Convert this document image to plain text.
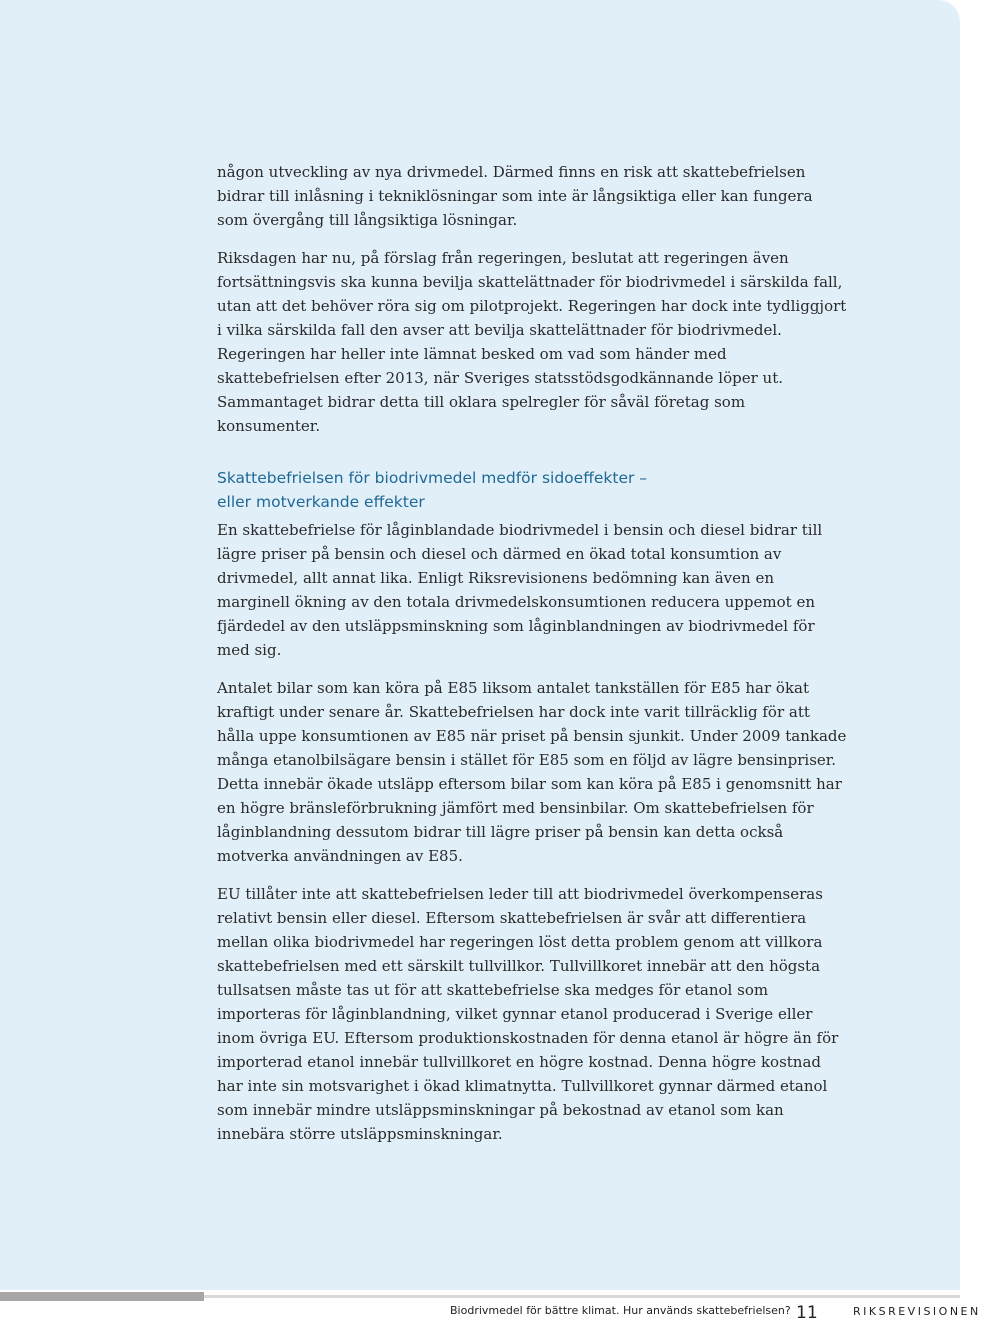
någon utveckling av nya drivmedel. Därmed finns en risk att skattebefrielsen bidrar till inlåsning i tekniklösningar som inte är långsiktiga eller kan fungera som övergång till långsiktiga lösningar.

Riksdagen har nu, på förslag från regeringen, beslutat att regeringen även fortsättningsvis ska kunna bevilja skattelättnader för biodrivmedel i särskilda fall, utan att det behöver röra sig om pilotprojekt. Regeringen har dock inte tydliggjort i vilka särskilda fall den avser att bevilja skattelättnader för biodrivmedel. Regeringen har heller inte lämnat besked om vad som händer med skattebefrielsen efter 2013, när Sveriges statsstödsgodkännande löper ut. Sammantaget bidrar detta till oklara spelregler för såväl företag som konsumenter.

Skattebefrielsen för biodrivmedel medför sidoeffekter –
eller motverkande effekter

En skattebefrielse för låginblandade biodrivmedel i bensin och diesel bidrar till lägre priser på bensin och diesel och därmed en ökad total konsumtion av drivmedel, allt annat lika. Enligt Riksrevisionens bedömning kan även en marginell ökning av den totala drivmedelskonsumtionen reducera uppemot en fjärdedel av den utsläppsminskning som låginblandningen av biodrivmedel för med sig.

Antalet bilar som kan köra på E85 liksom antalet tankställen för E85 har ökat kraftigt under senare år. Skattebefrielsen har dock inte varit tillräcklig för att hålla uppe konsumtionen av E85 när priset på bensin sjunkit. Under 2009 tankade många etanolbilsägare bensin i stället för E85 som en följd av lägre bensinpriser. Detta innebär ökade utsläpp eftersom bilar som kan köra på E85 i genomsnitt har en högre bränsleförbrukning jämfört med bensinbilar. Om skattebefrielsen för låginblandning dessutom bidrar till lägre priser på bensin kan detta också motverka användningen av E85.

EU tillåter inte att skattebefrielsen leder till att biodrivmedel överkompenseras relativt bensin eller diesel. Eftersom skattebefrielsen är svår att differentiera mellan olika biodrivmedel har regeringen löst detta problem genom att villkora skattebefrielsen med ett särskilt tullvillkor. Tullvillkoret innebär att den högsta tullsatsen måste tas ut för att skattebefrielse ska medges för etanol som importeras för låginblandning, vilket gynnar etanol producerad i Sverige eller inom övriga EU. Eftersom produktionskostnaden för denna etanol är högre än för importerad etanol innebär tullvillkoret en högre kostnad. Denna högre kostnad har inte sin motsvarighet i ökad klimatnytta. Tullvillkoret gynnar därmed etanol som innebär mindre utsläppsminskningar på bekostnad av etanol som kan innebära större utsläppsminskningar.

Biodrivmedel för bättre klimat. Hur används skattebefrielsen? 11	RIKSREVISIONEN
